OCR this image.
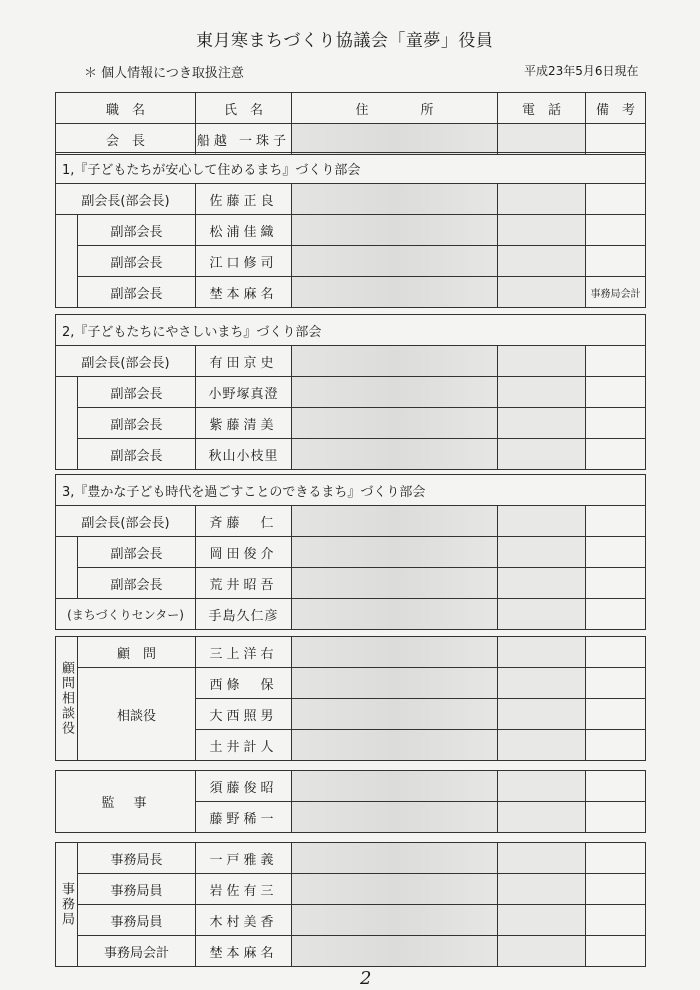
東月寒まちづくり協議会「童夢」役員
＊ 個人情報につき取扱注意	平成23年5月6日現在
職　名	氏　名	住　　　　所	電　話	備　考
会　長	船越 一珠子			
1,『子どもたちが安心して住めるまち』づくり部会					
副会長(部会長)		佐藤正良			
	副部会長	松浦佳織			
	副部会長	江口修司			
	副部会長	埜本麻名			事務局会計
2,『子どもたちにやさしいまち』づくり部会					
副会長(部会長)		有田京史			
	副部会長	小野塚真澄			
	副部会長	紫藤清美			
	副部会長	秋山小枝里			
3,『豊かな子ども時代を過ごすことのできるまち』づくり部会					
副会長(部会長)		斉藤　仁			
	副部会長	岡田俊介			
	副部会長	荒井昭吾			
(まちづくりセンター)		手島久仁彦			
顧問相談役	顧　問	三上洋右			
	相談役	西條　保			
		大西照男			
		土井計人			
監　事	須藤俊昭			
	藤野稀一			
事務局	事務局長	一戸雅義			
	事務局員	岩佐有三			
	事務局員	木村美香			
	事務局会計	埜本麻名			
2
